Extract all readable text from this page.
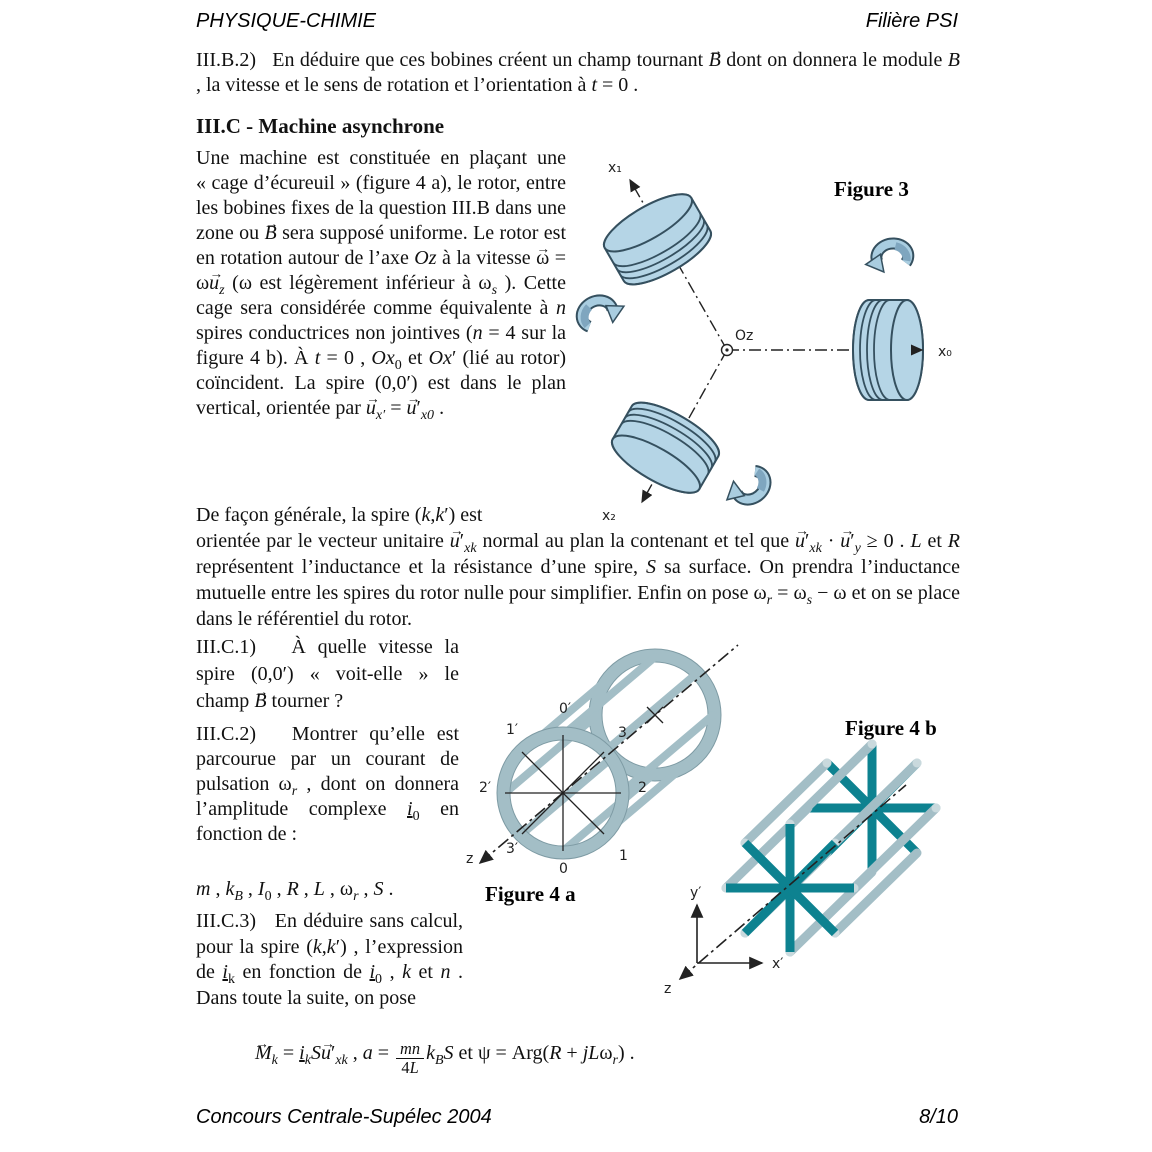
PHYSIQUE-CHIMIE	Filière PSI

III.B.2)   En déduire que ces bobines créent un champ tournant → B dont on donnera le module B , la vitesse et le sens de rotation et l’orientation à t = 0 .

III.C - Machine asynchrone

Une machine est constituée en plaçant une « cage d’écureuil » (figure 4 a), le rotor, entre les bobines fixes de la question III.B dans une zone ou → B sera supposé uniforme. Le rotor est en rotation autour de l’axe Oz à la vitesse → $\omega = \omega\to u_z$ (ω est légèrement inférieur à $\omega_s$ ). Cette cage sera considérée comme équivalente à n spires conductrices non jointives (n = 4 sur la figure 4 b). À t = 0 , $Ox_0$ et Ox′ (lié au rotor) coïncident. La spire (0,0′) est dans le plan vertical, orientée par → $u_{x'}$ = → $u'_{x0}$ .

Oz
x₁
x₀
x₂
Figure 3

De façon générale, la spire (k,k′) est

orientée par le vecteur unitaire → $u'_{xk}$ normal au plan la contenant et tel que → $u'_{xk}$ · → $u'_y \ge 0$ . L et R représentent l’inductance et la résistance d’une spire, S sa surface. On prendra l’inductance mutuelle entre les spires du rotor nulle pour simplifier. Enfin on pose $\omega_r = \omega_s - \omega$ et on se place dans le référentiel du rotor.

III.C.1)   À quelle vitesse la spire (0,0′) « voit-elle » le champ → B tourner ?

III.C.2)   Montrer qu’elle est parcourue par un courant de pulsation $\omega_r$ , dont on donnera l’amplitude complexe $i_0$ en fonction de :

m , $k_B$ , $I_0$ , R , L , $\omega_r$ , S .

III.C.3)   En déduire sans calcul, pour la spire (k,k′) , l’expression de $i_k$ en fonction de $i_0$ , k et n . Dans toute la suite, on pose

0′
1′
2′
3′
0
1
2
3
z
Figure 4 a	y′
x′
z
Figure 4 b

→ $M_k = i_kS\to u'_{xk}$ , $a = \frac{mn}{4L} k_BS$ et ψ = Arg(R + jLω$_r$) .

Concours Centrale-Supélec 2004	8/10
